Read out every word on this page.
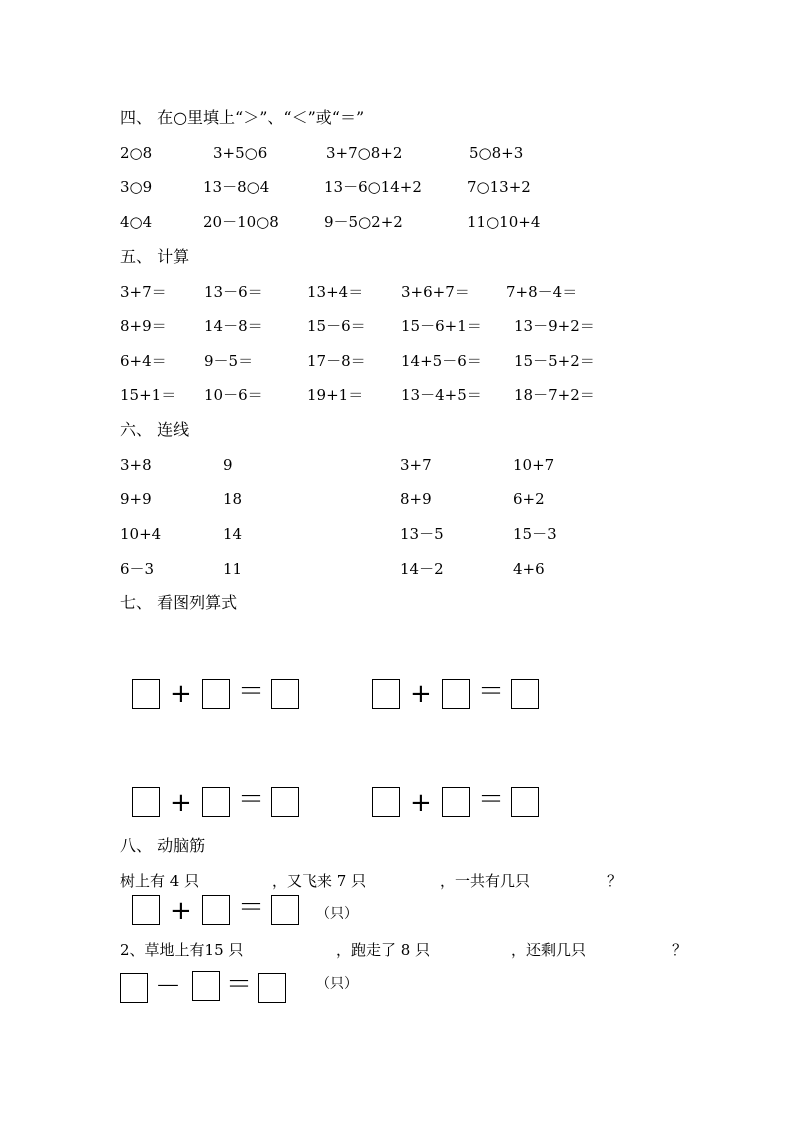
四、 在○里填上“＞”、“＜”或“＝”
2○8	3+5○6	3+7○8+2	5○8+3
3○9	13－8○4	13－6○14+2	7○13+2
4○4	20－10○8	9－5○2+2	11○10+4
五、 计算
3+7＝ 13－6＝	13+4＝	3+6+7＝ 7+8－4＝
8+9＝ 14－8＝	15－6＝ 15－6+1＝ 13－9+2＝
6+4＝ 9－5＝	17－8＝ 14+5－6＝ 15－5+2＝
15+1＝ 10－6＝	19+1＝	13－4+5＝ 18－7+2＝
六、 连线
3+8	9	3+7	10+7
9+9	18	8+9	6+2
10+4	14	13－5	15－3
6－3	11	14－2	4+6
七、 看图列算式
+ ＝	+ ＝
+ ＝	+ ＝
八、 动脑筋
树上有 4 只	，又飞来 7 只	，一共有几只	？
+ ＝	（只）
2、草地上有15 只	，跑走了 8 只	，还剩几只	？
－ ＝	（只）
